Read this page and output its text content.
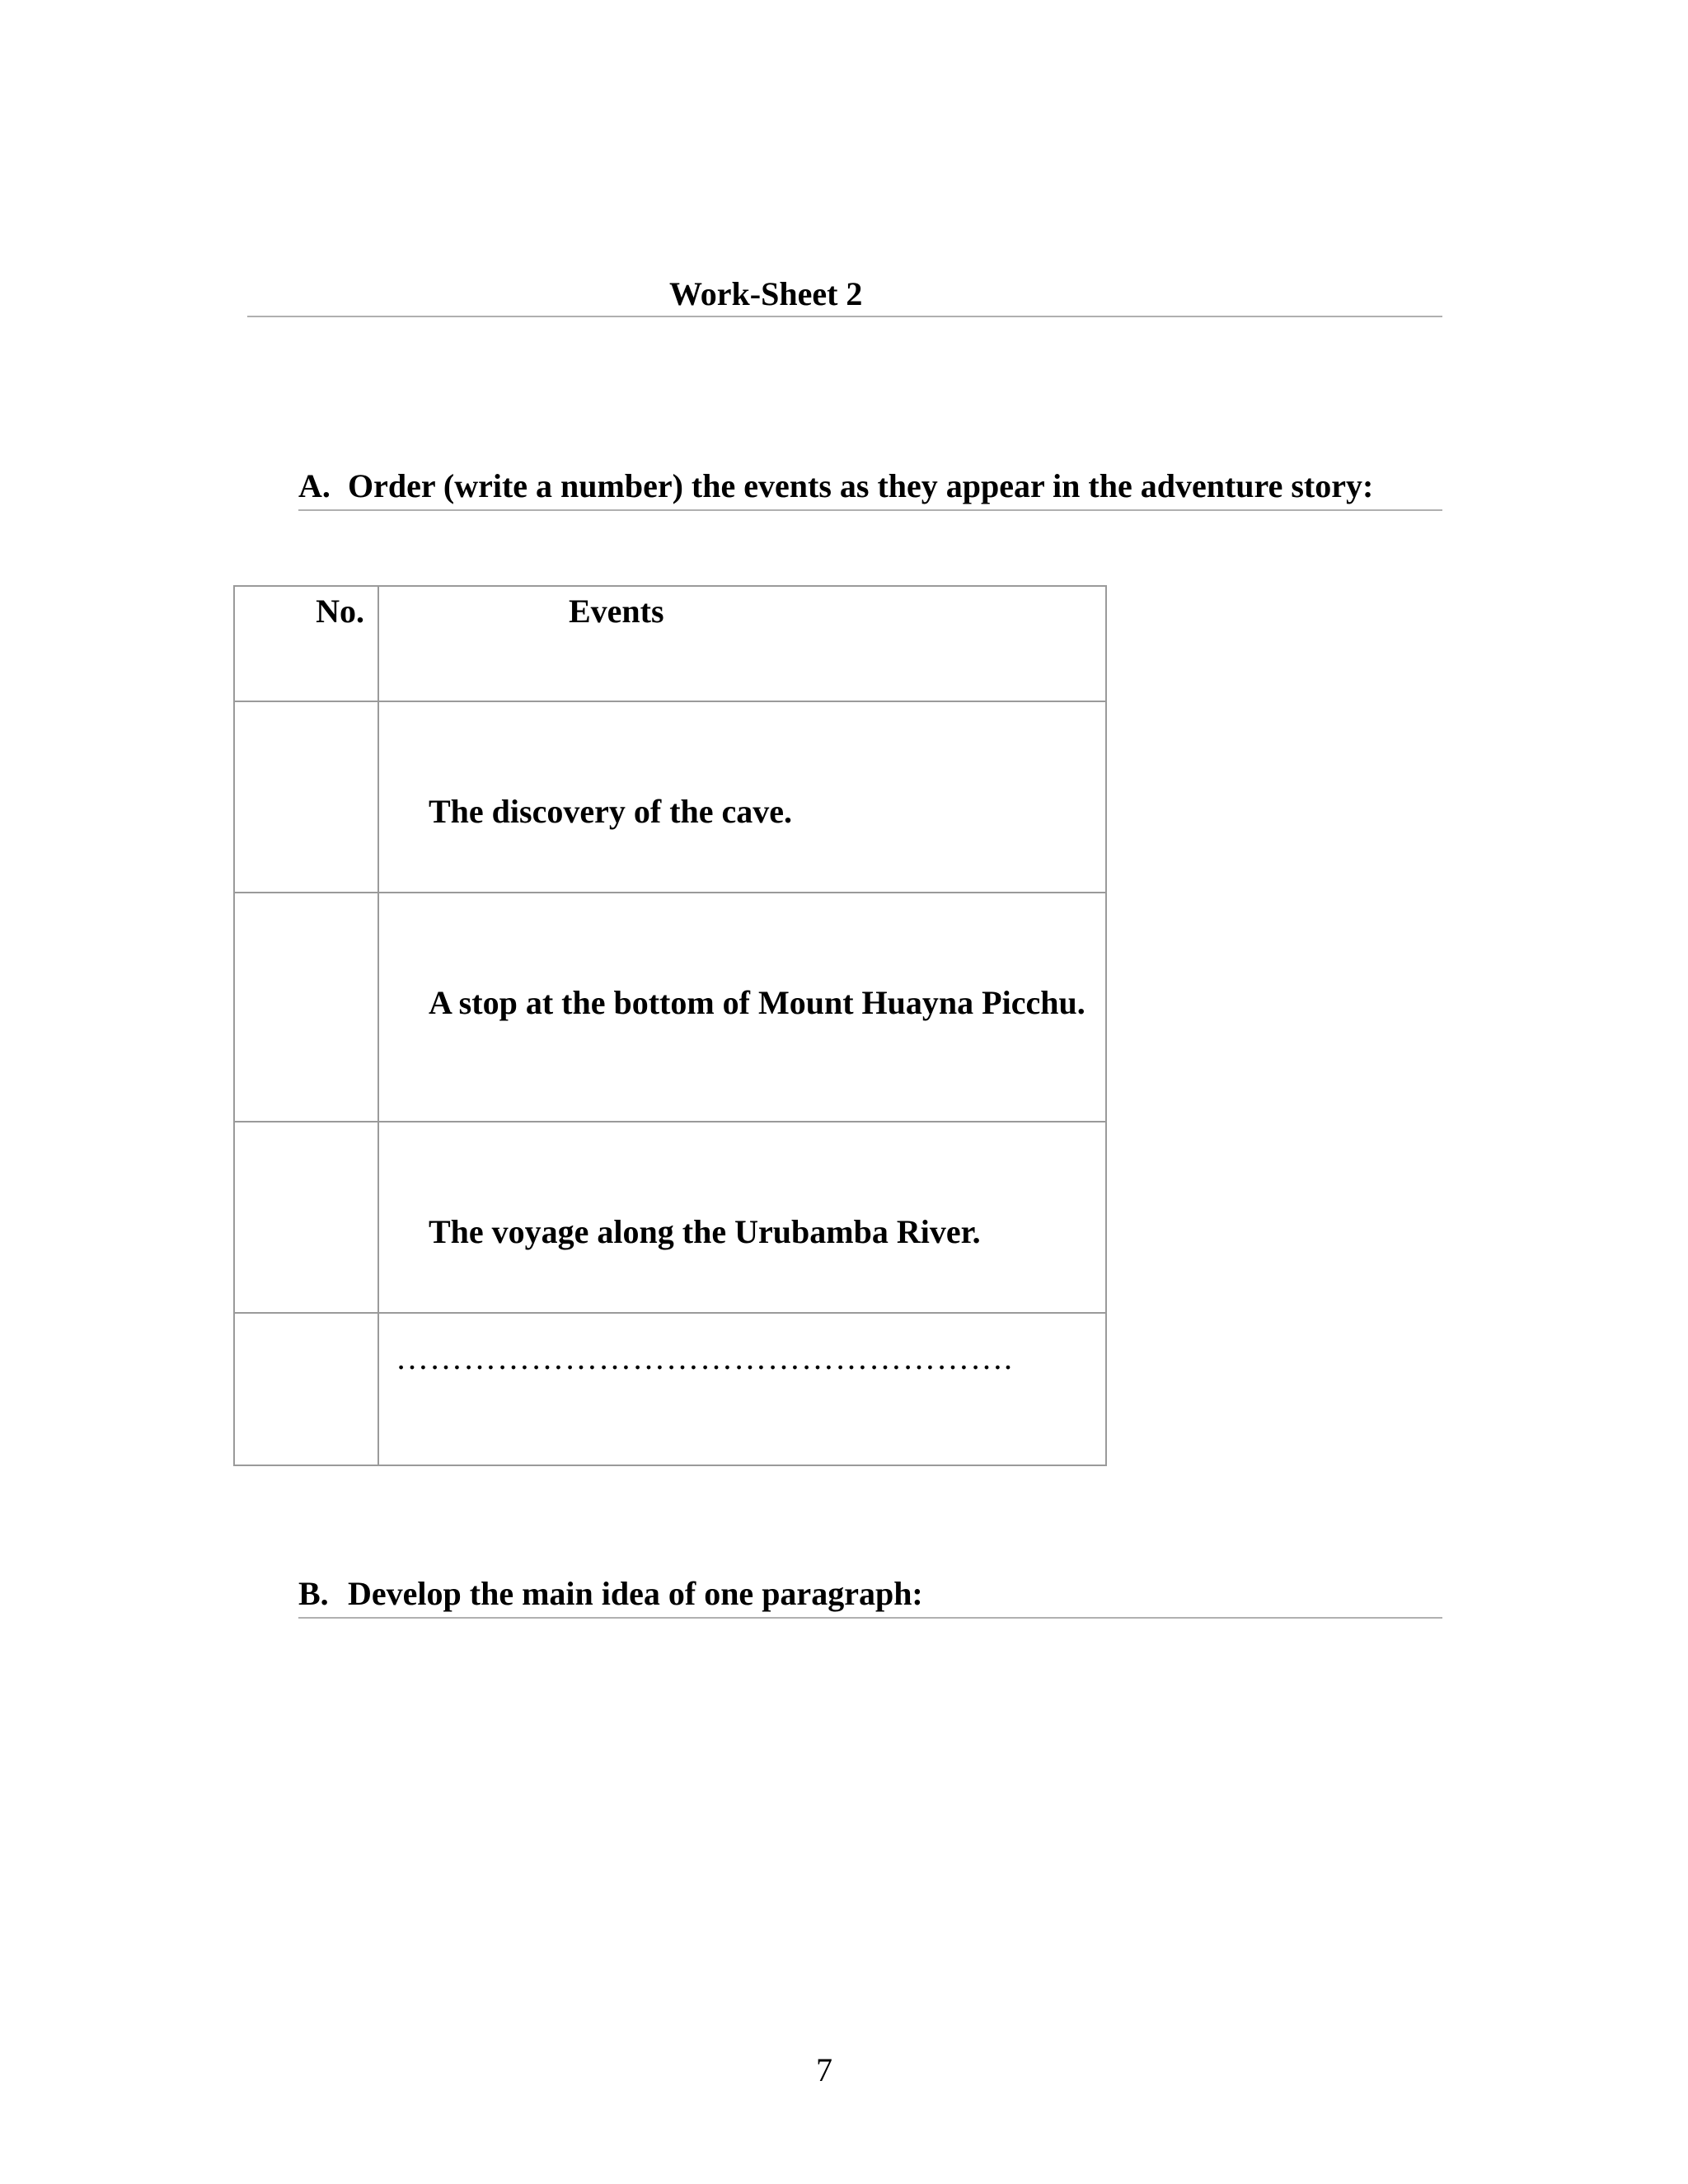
Work-Sheet 2
A. Order (write a number) the events as they appear in the adventure story:
No.	Events

	The discovery of the cave.

	A stop at the bottom of Mount Huayna Picchu.

	The voyage along the Urubamba River.

	……………………………………………….
B. Develop the main idea of one paragraph:
7
